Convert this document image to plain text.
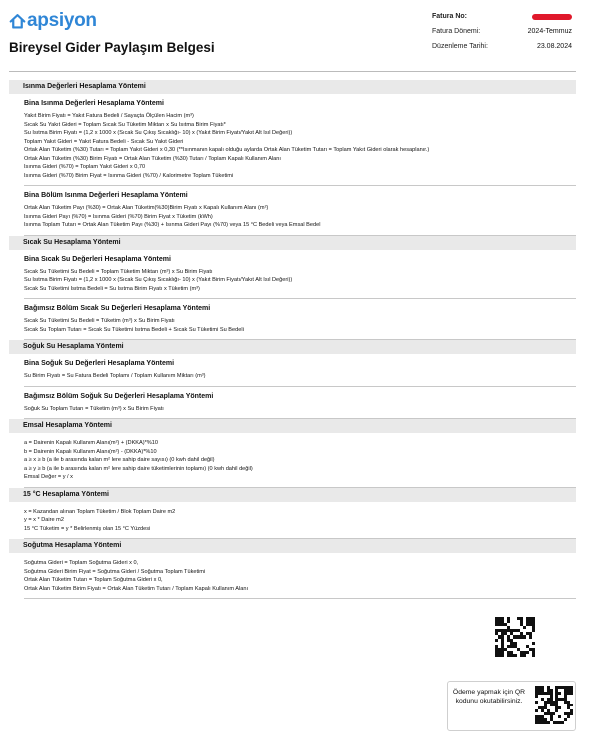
apsiyon
Bireysel Gider Paylaşım Belgesi
Fatura No:
Fatura Dönemi:	2024-Temmuz
Düzenleme Tarihi:	23.08.2024
Isınma Değerleri Hesaplama Yöntemi
Bina Isınma Değerleri Hesaplama Yöntemi
Yakıt Birim Fiyatı = Yakıt Fatura Bedeli / Sayaçta Ölçülen Hacim (m³)
Sıcak Su Yakıt Gideri = Toplam Sıcak Su Tüketim Miktarı x Su Isıtma Birim Fiyatı*
Su Isıtma Birim Fiyatı = (1,2 x 1000 x (Sıcak Su Çıkış Sıcaklığı- 10) x (Yakıt Birim Fiyatı/Yakıt Alt Isıl Değeri))
Toplam Yakıt Gideri = Yakıt Fatura Bedeli - Sıcak Su Yakıt Gideri
Ortak Alan Tüketim (%30) Tutarı = Toplam Yakıt Gideri x 0,30 (**Isınmanın kapalı olduğu aylarda Ortak Alan Tüketim Tutarı = Toplam Yakıt Gideri olarak hesaplanır.)
Ortak Alan Tüketim (%30) Birim Fiyatı = Ortak Alan Tüketim (%30) Tutarı / Toplam Kapalı Kullanım Alanı
Isınma Gideri (%70) = Toplam Yakıt Gideri x 0,70
Isınma Gideri (%70) Birim Fiyat = Isınma Gideri (%70) / Kalorimetre Toplam Tüketimi
Bina Bölüm Isınma Değerleri Hesaplama Yöntemi
Ortak Alan Tüketim Payı (%30) = Ortak Alan Tüketim(%30)Birim Fiyatı x Kapalı Kullanım Alanı (m²)
Isınma Gideri Payı (%70) = Isınma Gideri (%70) Birim Fiyat x Tüketim (kWh)
Isınma Toplam Tutarı = Ortak Alan Tüketim Payı (%30) + Isınma Gideri Payı (%70) veya 15 °C Bedeli veya Emsal Bedel
Sıcak Su Hesaplama Yöntemi
Bina Sıcak Su Değerleri Hesaplama Yöntemi
Sıcak Su Tüketimi Su Bedeli = Toplam Tüketim Miktarı (m³) x Su Birim Fiyatı
Su Isıtma Birim Fiyatı = (1,2 x 1000 x (Sıcak Su Çıkış Sıcaklığı- 10) x (Yakıt Birim Fiyatı/Yakıt Alt Isıl Değeri))
Sıcak Su Tüketimi Isıtma Bedeli = Su Isıtma Birim Fiyatı x Tüketim (m³)
Bağımsız Bölüm Sıcak Su Değerleri Hesaplama Yöntemi
Sıcak Su Tüketimi Su Bedeli = Tüketim (m³) x Su Birim Fiyatı
Sıcak Su Toplam Tutarı = Sıcak Su Tüketimi Isıtma Bedeli + Sıcak Su Tüketimi Su Bedeli
Soğuk Su Hesaplama Yöntemi
Bina Soğuk Su Değerleri Hesaplama Yöntemi
Su Birim Fiyatı = Su Fatura Bedeli Toplamı / Toplam Kullanım Miktarı (m³)
Bağımsız Bölüm Soğuk Su Değerleri Hesaplama Yöntemi
Soğuk Su Toplam Tutarı = Tüketim (m³) x Su Birim Fiyatı
Emsal Hesaplama Yöntemi
a = Dairenin Kapalı Kullanım Alanı(m²) + (DKKA)*%10
b = Dairenin Kapalı Kullanım Alanı(m²) - (DKKA)*%10
a ≥ x ≥ b (a ile b arasında kalan m² lere sahip daire sayısı) (0 kwh dahil değil)
a ≥ y ≥ b (a ile b arasında kalan m² lere sahip daire tüketimlerinin toplamı) (0 kwh dahil değil)
Emsal Değer = y / x
15 °C Hesaplama Yöntemi
x = Kazandan alınan Toplam Tüketim / Blok Toplam Daire m2
y = x * Daire m2
15 °C Tüketim = y * Belirlenmiş olan 15 °C Yüzdesi
Soğutma Hesaplama Yöntemi
Soğutma Gideri = Toplam Soğutma Gideri x 0,
Soğutma Gideri Birim Fiyat = Soğutma Gideri / Soğutma Toplam Tüketimi
Ortak Alan Tüketim Tutarı = Toplam Soğutma Gideri x 0,
Ortak Alan Tüketim Birim Fiyatı = Ortak Alan Tüketim Tutarı / Toplam Kapalı Kullanım Alanı
Ödeme yapmak için QR kodunu okutabilirsiniz.
